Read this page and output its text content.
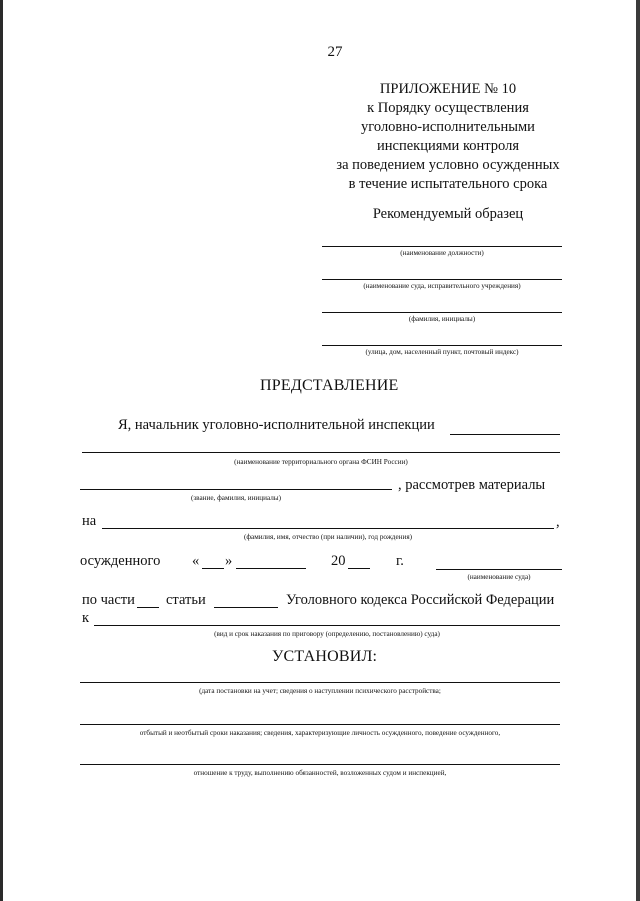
27
ПРИЛОЖЕНИЕ № 10
к Порядку осуществления
уголовно-исполнительными
инспекциями контроля
за поведением условно осужденных
в течение испытательного срока
Рекомендуемый образец
(наименование должности)
(наименование суда, исправительного учреждения)
(фамилия, инициалы)
(улица, дом, населенный пункт, почтовый индекс)
ПРЕДСТАВЛЕНИЕ
Я, начальник уголовно-исполнительной инспекции
(наименование территориального органа ФСИН России)
, рассмотрев материалы
(звание, фамилия, инициалы)
на	,
(фамилия, имя, отчество (при наличии), год рождения)
осужденного « »	20	г.
(наименование суда)
по части статьи	Уголовного кодекса Российской Федерации
к
(вид и срок наказания по приговору (определению, постановлению) суда)
УСТАНОВИЛ:
(дата постановки на учет; сведения о наступлении психического расстройства;
отбытый и неотбытый сроки наказания; сведения, характеризующие личность осужденного, поведение осужденного,
отношение к труду, выполнению обязанностей, возложенных судом и инспекцией,
